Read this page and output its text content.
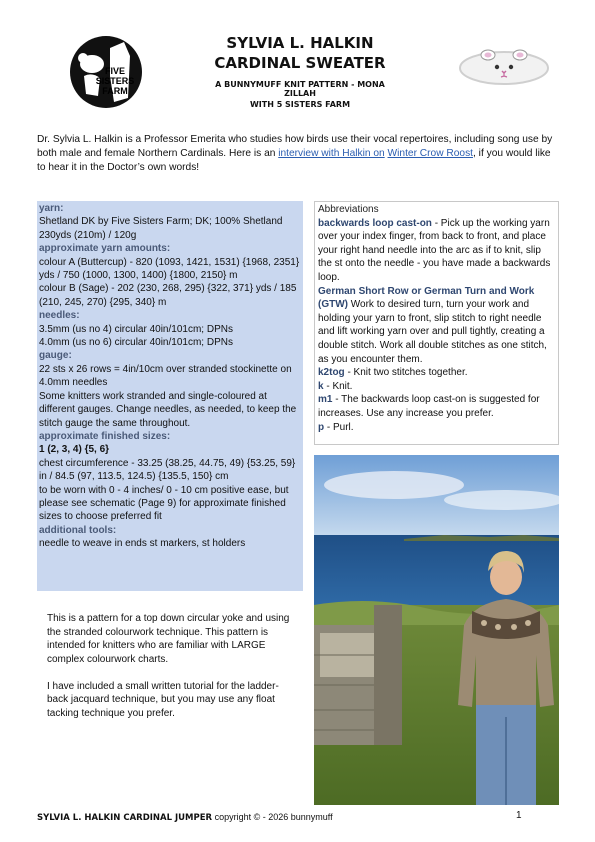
FIVE
SISTERS
FARM
SYLVIA L. HALKIN
CARDINAL SWEATER
A BUNNYMUFF KNIT PATTERN - MONA ZILLAH
WITH 5 SISTERS FARM
Dr. Sylvia L. Halkin is a Professor Emerita who studies how birds use their vocal repertoires, including song use by both male and female Northern Cardinals. Here is an interview with Halkin on Winter Crow Roost, if you would like to hear it in the Doctor’s own words!
yarn:
Shetland DK by Five Sisters Farm; DK; 100% Shetland 230yds (210m) / 120g
approximate yarn amounts:
colour A (Buttercup) - 820 (1093, 1421, 1531) {1968, 2351} yds / 750 (1000, 1300, 1400) {1800, 2150} m
colour B (Sage) - 202 (230, 268, 295) {322, 371} yds / 185 (210, 245, 270) {295, 340} m
needles:
3.5mm (us no 4) circular 40in/101cm; DPNs
4.0mm (us no 6) circular 40in/101cm; DPNs
gauge:
22 sts x 26 rows = 4in/10cm over stranded stockinette on 4.0mm needles
Some knitters work stranded and single-coloured at different gauges. Change needles, as needed, to keep the stitch gauge the same throughout.
approximate finished sizes:
1 (2, 3, 4) {5, 6}
chest circumference - 33.25 (38.25, 44.75, 49) {53.25, 59} in / 84.5 (97, 113.5, 124.5) {135.5, 150} cm
to be worn with 0 - 4 inches/ 0 - 10 cm positive ease, but please see schematic (Page 9) for approximate finished sizes to choose preferred fit
additional tools:
needle to weave in ends st markers, st holders
Abbreviations
backwards loop cast-on - Pick up the working yarn over your index finger, from back to front, and place your right hand needle into the arc as if to knit, slip the st onto the needle - you have made a backwards loop.
German Short Row or German Turn and Work (GTW) Work to desired turn, turn your work and holding your yarn to front, slip stitch to right needle and lift working yarn over and pull tightly, creating a double stitch. Work all double stitches as one stitch, as you encounter them.
k2tog - Knit two stitches together.
k - Knit.
m1 - The backwards loop cast-on is suggested for increases. Use any increase you prefer.
p - Purl.

This is a pattern for a top down circular yoke and using the stranded colourwork technique. This pattern is intended for knitters who are familiar with LARGE complex colourwork charts.

I have included a small written tutorial for the ladder-back jacquard technique, but you may use any float tacking technique you prefer.

SYLVIA L. HALKIN CARDINAL JUMPER copyright © - 2026 bunnymuff	1
